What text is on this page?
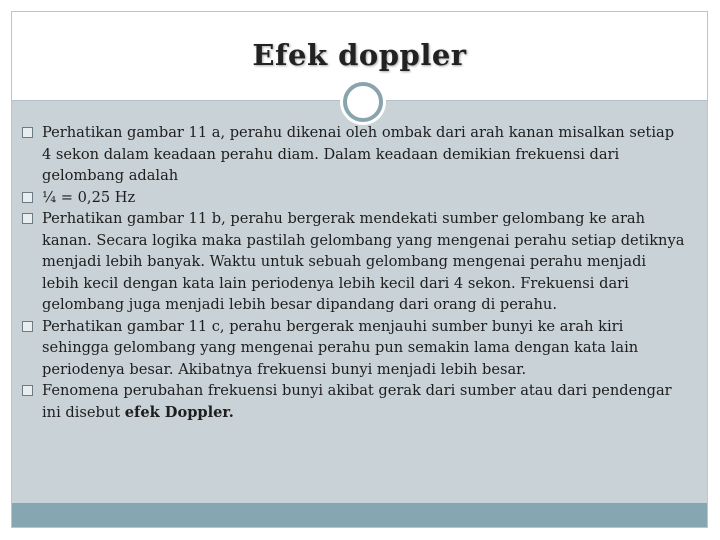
Efek doppler
Perhatikan gambar 11 a, perahu dikenai oleh ombak dari arah kanan misalkan setiap 4 sekon dalam keadaan perahu diam. Dalam keadaan demikian frekuensi dari gelombang adalah
¼ = 0,25 Hz
Perhatikan gambar 11 b, perahu bergerak mendekati sumber gelombang ke arah kanan. Secara logika maka pastilah gelombang yang mengenai perahu setiap detiknya menjadi lebih banyak. Waktu untuk sebuah gelombang mengenai perahu menjadi lebih kecil dengan kata lain periodenya lebih kecil dari 4 sekon. Frekuensi dari gelombang juga menjadi lebih besar dipandang dari orang di perahu.
Perhatikan gambar 11 c, perahu bergerak menjauhi sumber bunyi ke arah kiri sehingga gelombang yang mengenai perahu pun semakin lama dengan kata lain periodenya besar. Akibatnya frekuensi bunyi menjadi lebih besar.
Fenomena perubahan frekuensi bunyi akibat gerak dari sumber atau dari pendengar ini disebut efek Doppler.
